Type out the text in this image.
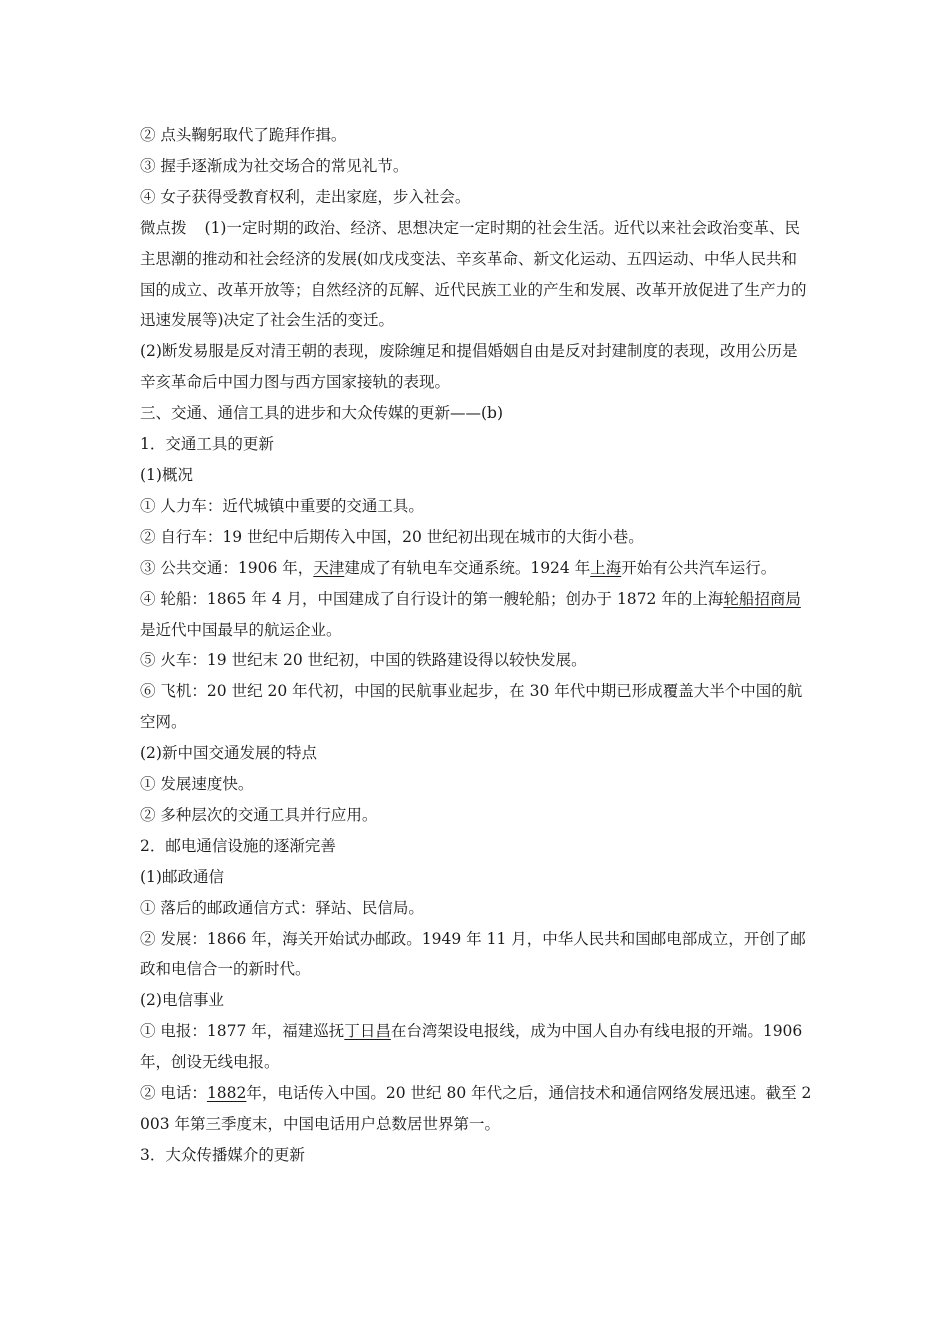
② 点头鞠躬取代了跪拜作揖。

③ 握手逐渐成为社交场合的常见礼节。

④ 女子获得受教育权利，走出家庭，步入社会。

微点拨 (1)一定时期的政治、经济、思想决定一定时期的社会生活。近代以来社会政治变革、民主思潮的推动和社会经济的发展(如戊戌变法、辛亥革命、新文化运动、五四运动、中华人民共和国的成立、改革开放等；自然经济的瓦解、近代民族工业的产生和发展、改革开放促进了生产力的迅速发展等)决定了社会生活的变迁。

(2)断发易服是反对清王朝的表现，废除缠足和提倡婚姻自由是反对封建制度的表现，改用公历是辛亥革命后中国力图与西方国家接轨的表现。

三、交通、通信工具的进步和大众传媒的更新——(b)

1．交通工具的更新

(1)概况

① 人力车：近代城镇中重要的交通工具。

② 自行车：19 世纪中后期传入中国，20 世纪初出现在城市的大街小巷。

③ 公共交通：1906 年，天津建成了有轨电车交通系统。1924 年上海开始有公共汽车运行。

④ 轮船：1865 年 4 月，中国建成了自行设计的第一艘轮船；创办于 1872 年的上海轮船招商局是近代中国最早的航运企业。

⑤ 火车：19 世纪末 20 世纪初，中国的铁路建设得以较快发展。

⑥ 飞机：20 世纪 20 年代初，中国的民航事业起步，在 30 年代中期已形成覆盖大半个中国的航空网。

(2)新中国交通发展的特点

① 发展速度快。

② 多种层次的交通工具并行应用。

2．邮电通信设施的逐渐完善

(1)邮政通信

① 落后的邮政通信方式：驿站、民信局。

② 发展：1866 年，海关开始试办邮政。1949 年 11 月，中华人民共和国邮电部成立，开创了邮政和电信合一的新时代。

(2)电信事业

① 电报：1877 年，福建巡抚丁日昌在台湾架设电报线，成为中国人自办有线电报的开端。1906 年，创设无线电报。

② 电话：1882年，电话传入中国。20 世纪 80 年代之后，通信技术和通信网络发展迅速。截至 2003 年第三季度末，中国电话用户总数居世界第一。

3．大众传播媒介的更新
